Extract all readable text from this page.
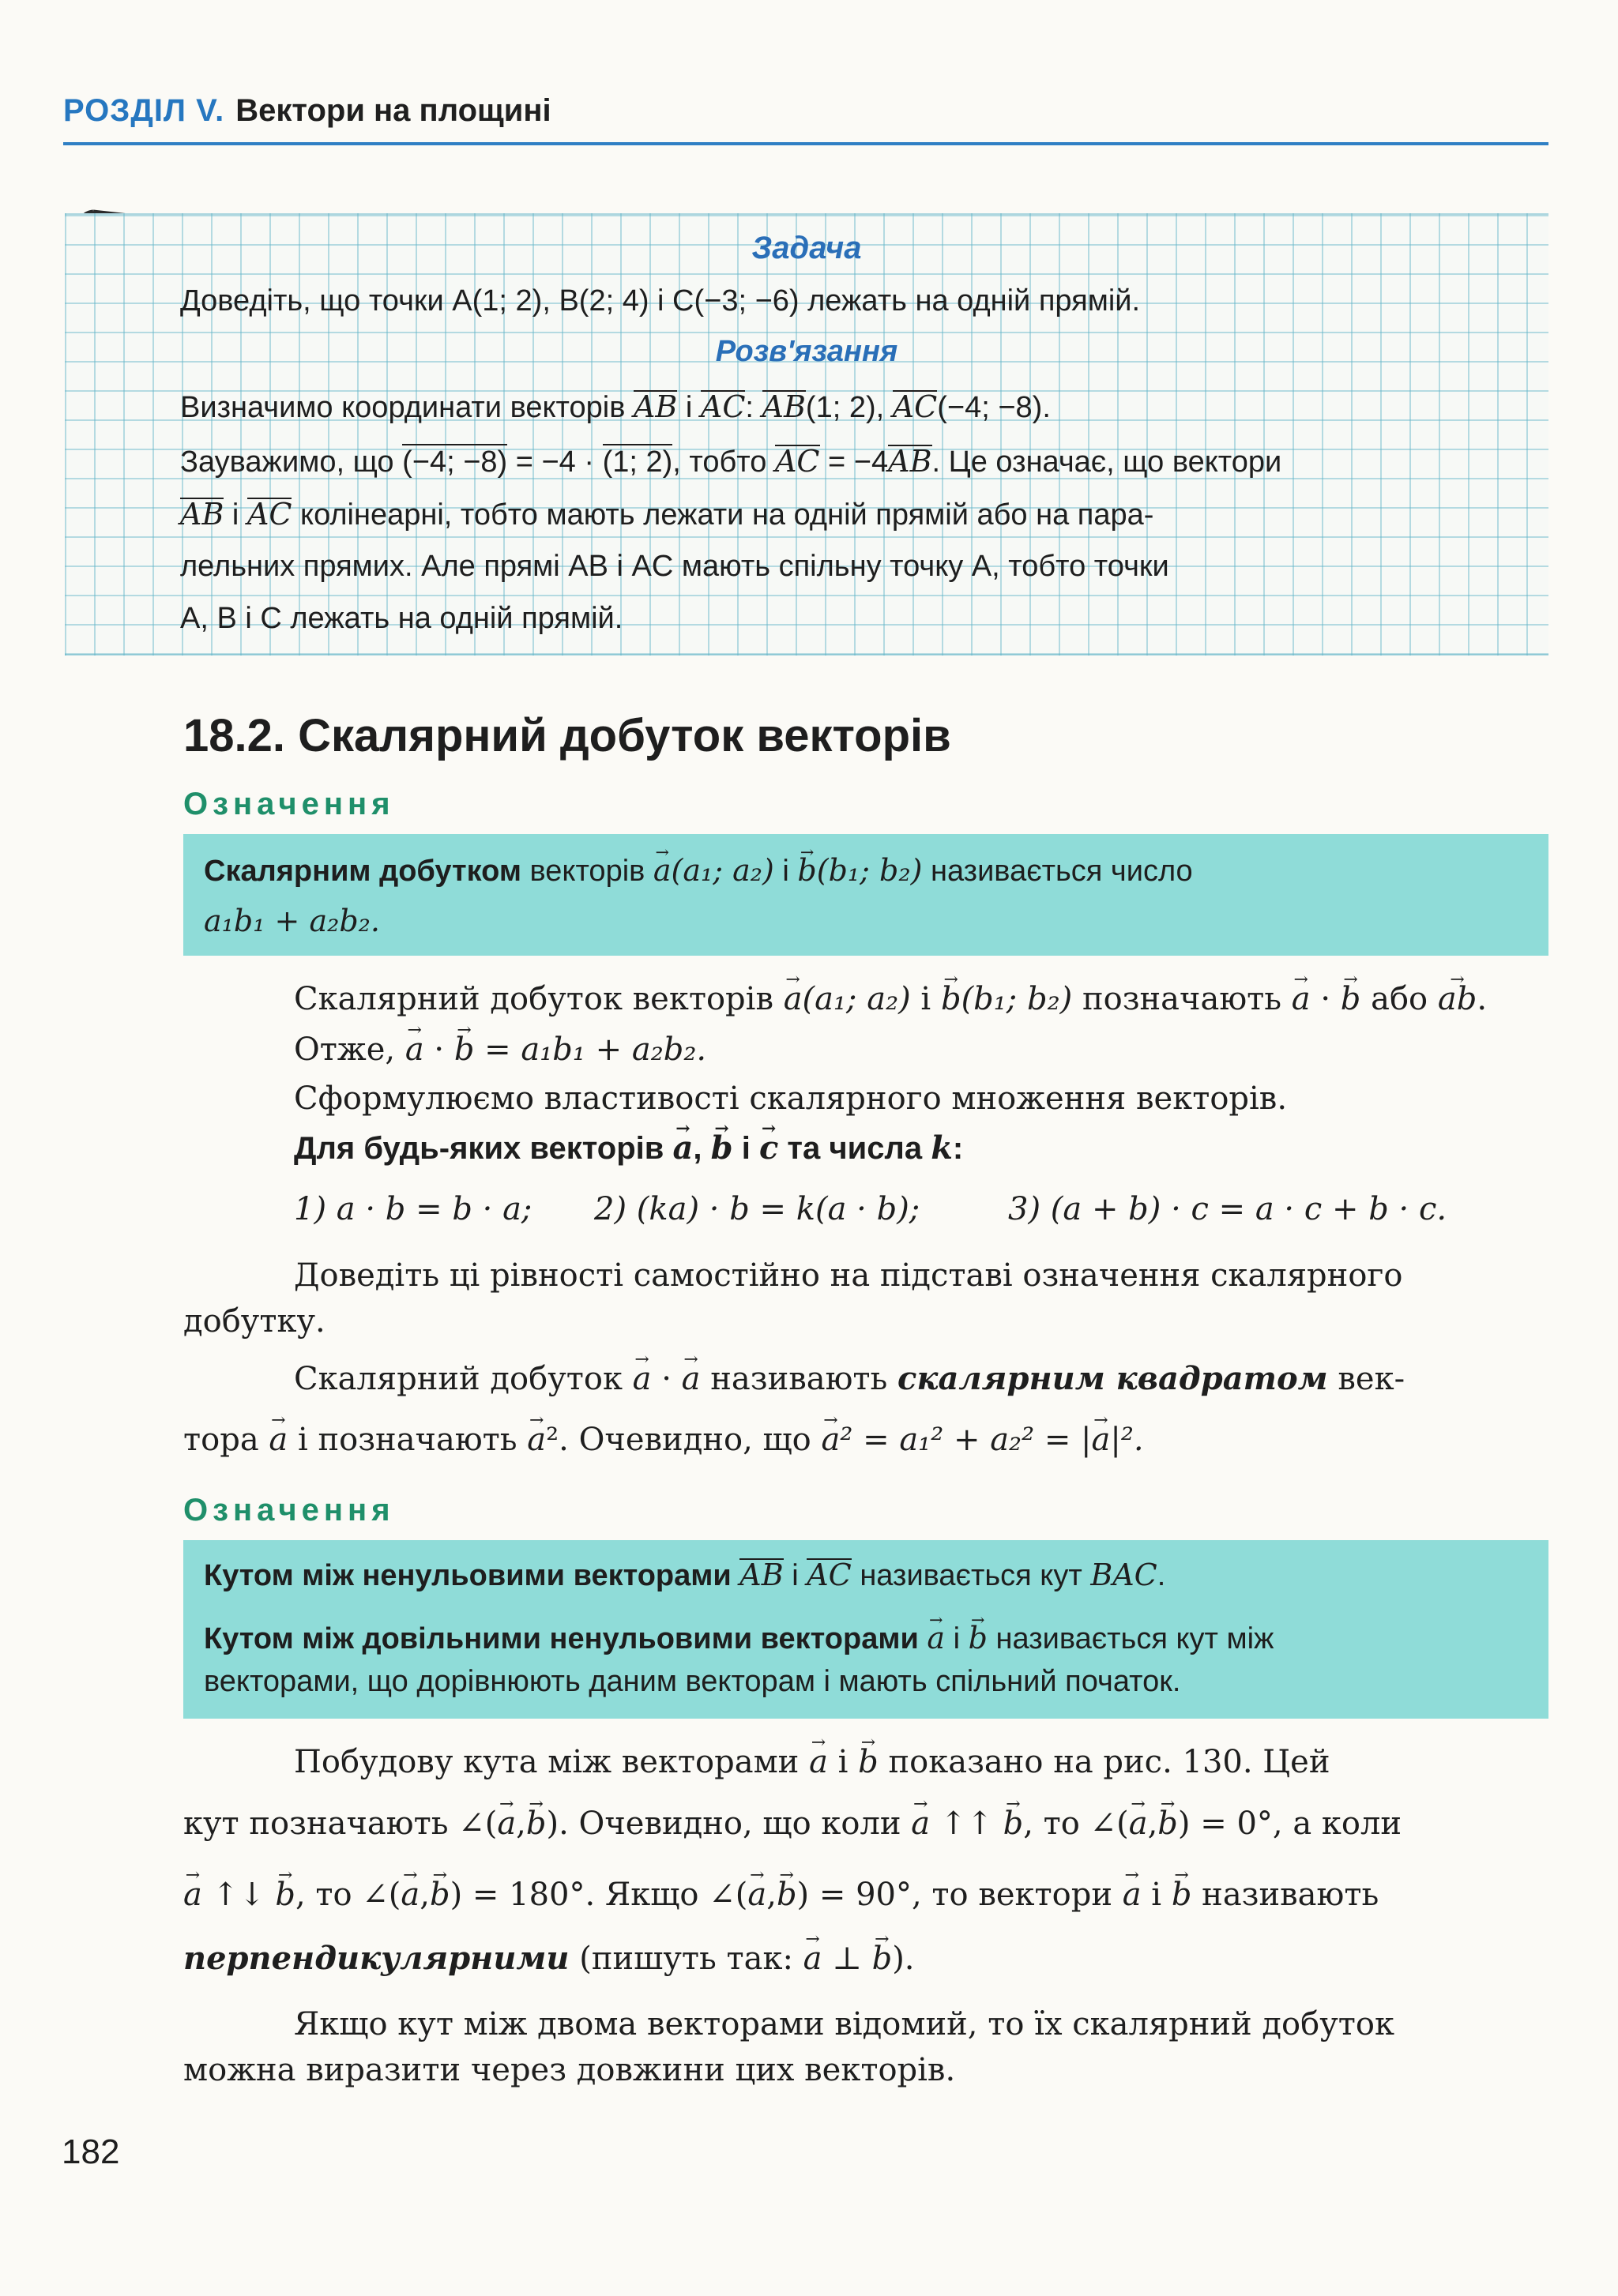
РОЗДІЛ V. Вектори на площині
Задача
Доведіть, що точки A(1; 2), B(2; 4) і C(−3; −6) лежать на одній прямій.
Розв'язання
Визначимо координати векторів AB і AC: AB(1; 2), AC(−4; −8).
Зауважимо, що (−4; −8) = −4 · (1; 2), тобто AC = −4AB. Це означає, що вектори
AB і AC колінеарні, тобто мають лежати на одній прямій або на пара-
лельних прямих. Але прямі AB і AC мають спільну точку A, тобто точки
A, B і C лежать на одній прямій.
18.2. Скалярний добуток векторів
Означення
Скалярним добутком векторів → a(a₁; a₂) і → b(b₁; b₂) називається число
a₁b₁ + a₂b₂.
Скалярний добуток векторів → a(a₁; a₂) і → b(b₁; b₂) позначають → a · → b або → ab.
Отже, → a · → b = a₁b₁ + a₂b₂.
Сформулюємо властивості скалярного множення векторів.
Для будь-яких векторів → a, → b і → c та числа k:
1) a · b = b · a; 2) (ka) · b = k(a · b);	3) (a + b) · c = a · c + b · c.
Доведіть ці рівності самостійно на підставі означення скалярного
добутку.
Скалярний добуток → a · → a називають скалярним квадратом век-
тора → a і позначають → a². Очевидно, що → a² = a₁² + a₂² = |→ a|².
Означення
Кутом між ненульовими векторами AB і AC називається кут BAC.
Кутом між довільними ненульовими векторами → a і → b називається кут між
векторами, що дорівнюють даним векторам і мають спільний початок.
Побудову кута між векторами → a і → b показано на рис. 130. Цей
кут позначають ∠(→ a,→ b). Очевидно, що коли → a ↑↑ → b, то ∠(→ a,→ b) = 0°, а коли
→ a ↑↓ → b, то ∠(→ a,→ b) = 180°. Якщо ∠(→ a,→ b) = 90°, то вектори → a і → b називають
перпендикулярними (пишуть так: → a ⊥ → b).
Якщо кут між двома векторами відомий, то їх скалярний добуток
можна виразити через довжини цих векторів.
182
